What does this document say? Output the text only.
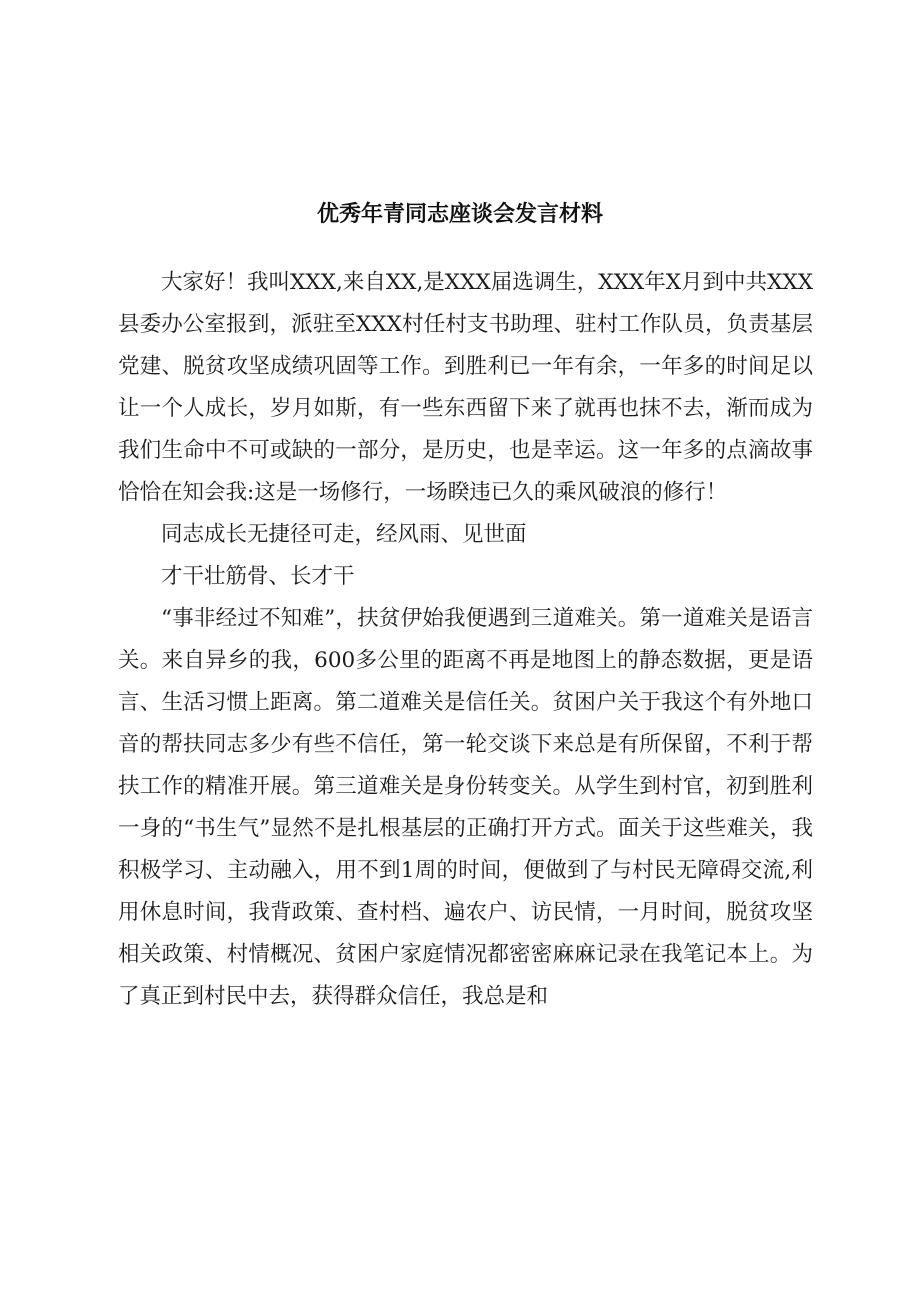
优秀年青同志座谈会发言材料

大家好！我叫XXX,来自XX,是XXX届选调生，XXX年X月到中共XXX县委办公室报到，派驻至XXX村任村支书助理、驻村工作队员，负责基层党建、脱贫攻坚成绩巩固等工作。到胜利已一年有余，一年多的时间足以让一个人成长，岁月如斯，有一些东西留下来了就再也抹不去，渐而成为我们生命中不可或缺的一部分，是历史，也是幸运。这一年多的点滴故事恰恰在知会我:这是一场修行，一场睽违已久的乘风破浪的修行！

同志成长无捷径可走，经风雨、见世面

才干壮筋骨、长才干

“事非经过不知难”，扶贫伊始我便遇到三道难关。第一道难关是语言关。来自异乡的我，600多公里的距离不再是地图上的静态数据，更是语言、生活习惯上距离。第二道难关是信任关。贫困户关于我这个有外地口音的帮扶同志多少有些不信任，第一轮交谈下来总是有所保留，不利于帮扶工作的精准开展。第三道难关是身份转变关。从学生到村官，初到胜利一身的“书生气”显然不是扎根基层的正确打开方式。面关于这些难关，我积极学习、主动融入，用不到1周的时间，便做到了与村民无障碍交流,利用休息时间，我背政策、查村档、遍农户、访民情，一月时间，脱贫攻坚相关政策、村情概况、贫困户家庭情况都密密麻麻记录在我笔记本上。为了真正到村民中去，获得群众信任，我总是和
